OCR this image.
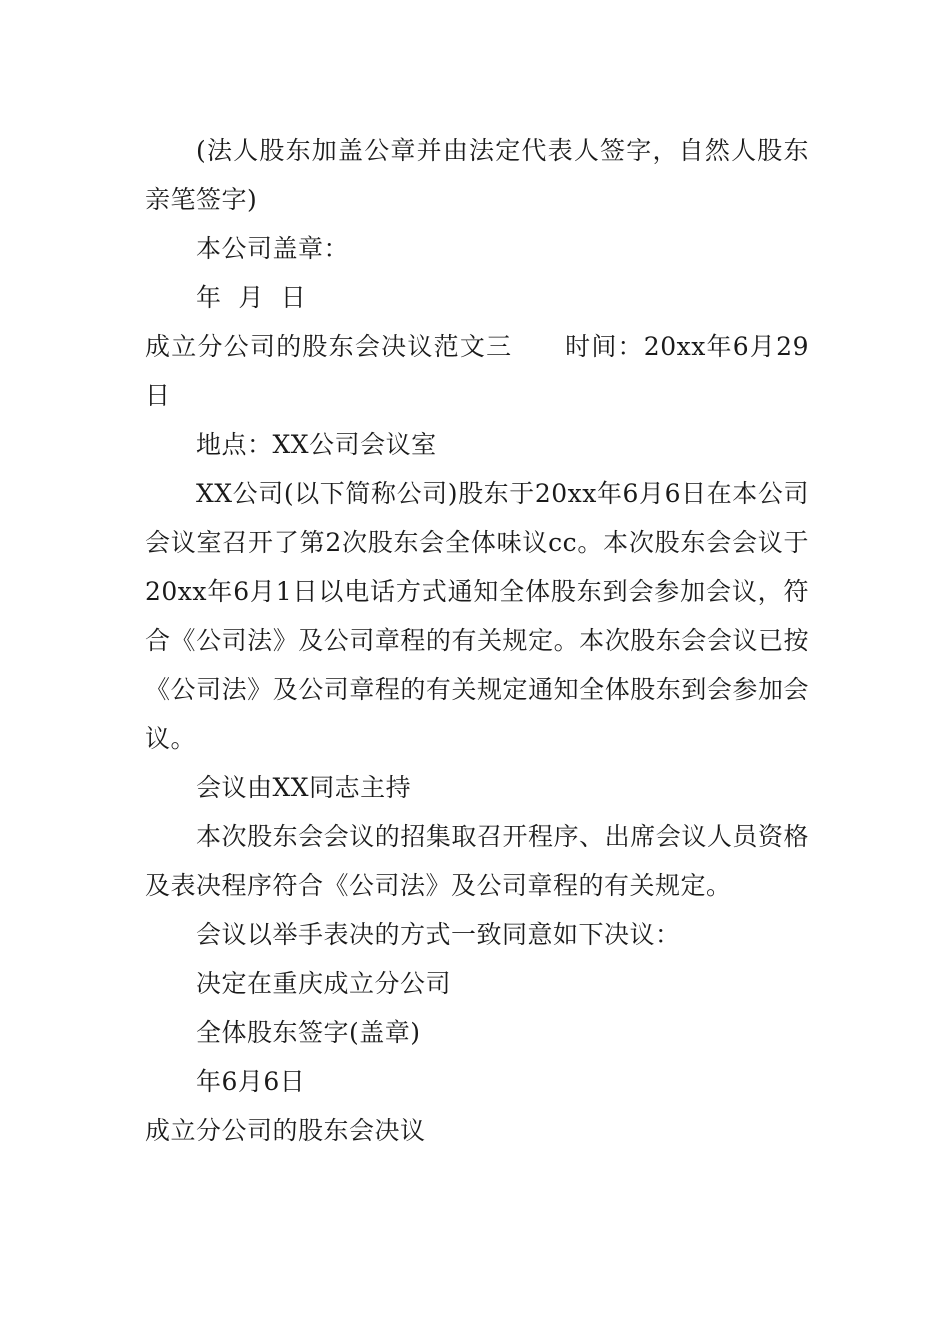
(法人股东加盖公章并由法定代表人签字，自然人股东亲笔签字)

本公司盖章：

年  月  日

成立分公司的股东会决议范文三 时间：20xx年6月29日

地点：XX公司会议室

XX公司(以下简称公司)股东于20xx年6月6日在本公司会议室召开了第2次股东会全体味议cc。本次股东会会议于20xx年6月1日以电话方式通知全体股东到会参加会议，符合《公司法》及公司章程的有关规定。本次股东会会议已按《公司法》及公司章程的有关规定通知全体股东到会参加会议。

会议由XX同志主持

本次股东会会议的招集取召开程序、出席会议人员资格及表决程序符合《公司法》及公司章程的有关规定。

会议以举手表决的方式一致同意如下决议：

决定在重庆成立分公司

全体股东签字(盖章)

年6月6日

成立分公司的股东会决议
